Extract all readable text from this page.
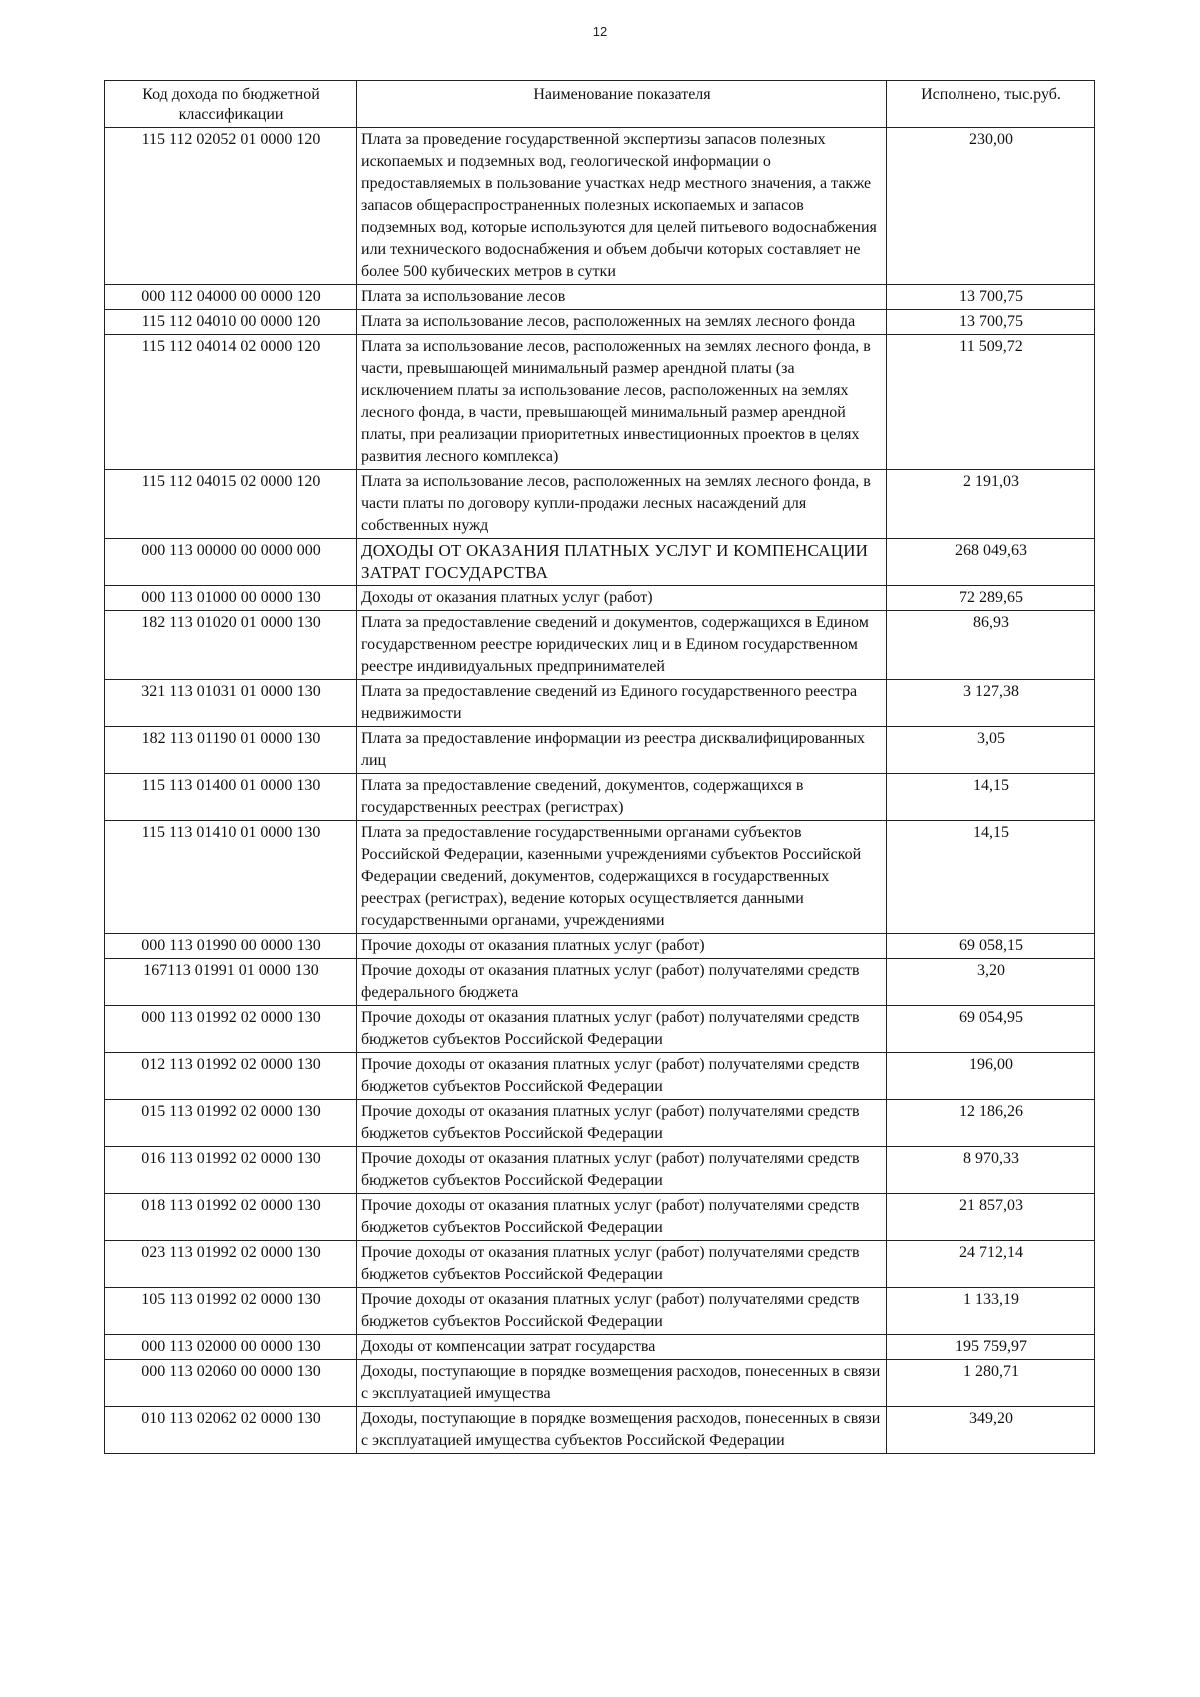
12
Код дохода по бюджетной классификации	Наименование показателя	Исполнено, тыс.руб.
115 112 02052 01 0000 120	Плата за проведение государственной экспертизы запасов полезных ископаемых и подземных вод, геологической информации о предоставляемых в пользование участках недр местного значения, а также запасов общераспространенных полезных ископаемых и запасов подземных вод, которые используются для целей питьевого водоснабжения или технического водоснабжения и объем добычи которых составляет не более 500 кубических метров в сутки	230,00
000 112 04000 00 0000 120	Плата за использование лесов	13 700,75
115 112 04010 00 0000 120	Плата за использование лесов, расположенных на землях лесного фонда	13 700,75
115 112 04014 02 0000 120	Плата за использование лесов, расположенных на землях лесного фонда, в части, превышающей минимальный размер арендной платы (за исключением платы за использование лесов, расположенных на землях лесного фонда, в части, превышающей минимальный размер арендной платы, при реализации приоритетных инвестиционных проектов в целях развития лесного комплекса)	11 509,72
115 112 04015 02 0000 120	Плата за использование лесов, расположенных на землях лесного фонда, в части платы по договору купли-продажи лесных насаждений для собственных нужд	2 191,03
000 113 00000 00 0000 000	ДОХОДЫ ОТ ОКАЗАНИЯ ПЛАТНЫХ УСЛУГ И КОМПЕНСАЦИИ ЗАТРАТ ГОСУДАРСТВА	268 049,63
000 113 01000 00 0000 130	Доходы от оказания платных услуг (работ)	72 289,65
182 113 01020 01 0000 130	Плата за предоставление сведений и документов, содержащихся в Едином государственном реестре юридических лиц и в Едином государственном реестре индивидуальных предпринимателей	86,93
321 113 01031 01 0000 130	Плата за предоставление сведений из Единого государственного реестра недвижимости	3 127,38
182 113 01190 01 0000 130	Плата за предоставление информации из реестра дисквалифицированных лиц	3,05
115 113 01400 01 0000 130	Плата за предоставление сведений, документов, содержащихся в государственных реестрах (регистрах)	14,15
115 113 01410 01 0000 130	Плата за предоставление государственными органами субъектов Российской Федерации, казенными учреждениями субъектов Российской Федерации сведений, документов, содержащихся в государственных реестрах (регистрах), ведение которых осуществляется данными государственными органами, учреждениями	14,15
000 113 01990 00 0000 130	Прочие доходы от оказания платных услуг (работ)	69 058,15
167113 01991 01 0000 130	Прочие доходы от оказания платных услуг (работ) получателями средств федерального бюджета	3,20
000 113 01992 02 0000 130	Прочие доходы от оказания платных услуг (работ) получателями средств бюджетов субъектов Российской Федерации	69 054,95
012 113 01992 02 0000 130	Прочие доходы от оказания платных услуг (работ) получателями средств бюджетов субъектов Российской Федерации	196,00
015 113 01992 02 0000 130	Прочие доходы от оказания платных услуг (работ) получателями средств бюджетов субъектов Российской Федерации	12 186,26
016 113 01992 02 0000 130	Прочие доходы от оказания платных услуг (работ) получателями средств бюджетов субъектов Российской Федерации	8 970,33
018 113 01992 02 0000 130	Прочие доходы от оказания платных услуг (работ) получателями средств бюджетов субъектов Российской Федерации	21 857,03
023 113 01992 02 0000 130	Прочие доходы от оказания платных услуг (работ) получателями средств бюджетов субъектов Российской Федерации	24 712,14
105 113 01992 02 0000 130	Прочие доходы от оказания платных услуг (работ) получателями средств бюджетов субъектов Российской Федерации	1 133,19
000 113 02000 00 0000 130	Доходы от компенсации затрат государства	195 759,97
000 113 02060 00 0000 130	Доходы, поступающие в порядке возмещения расходов, понесенных в связи с эксплуатацией имущества	1 280,71
010 113 02062 02 0000 130	Доходы, поступающие в порядке возмещения расходов, понесенных в связи с эксплуатацией имущества субъектов Российской Федерации	349,20
